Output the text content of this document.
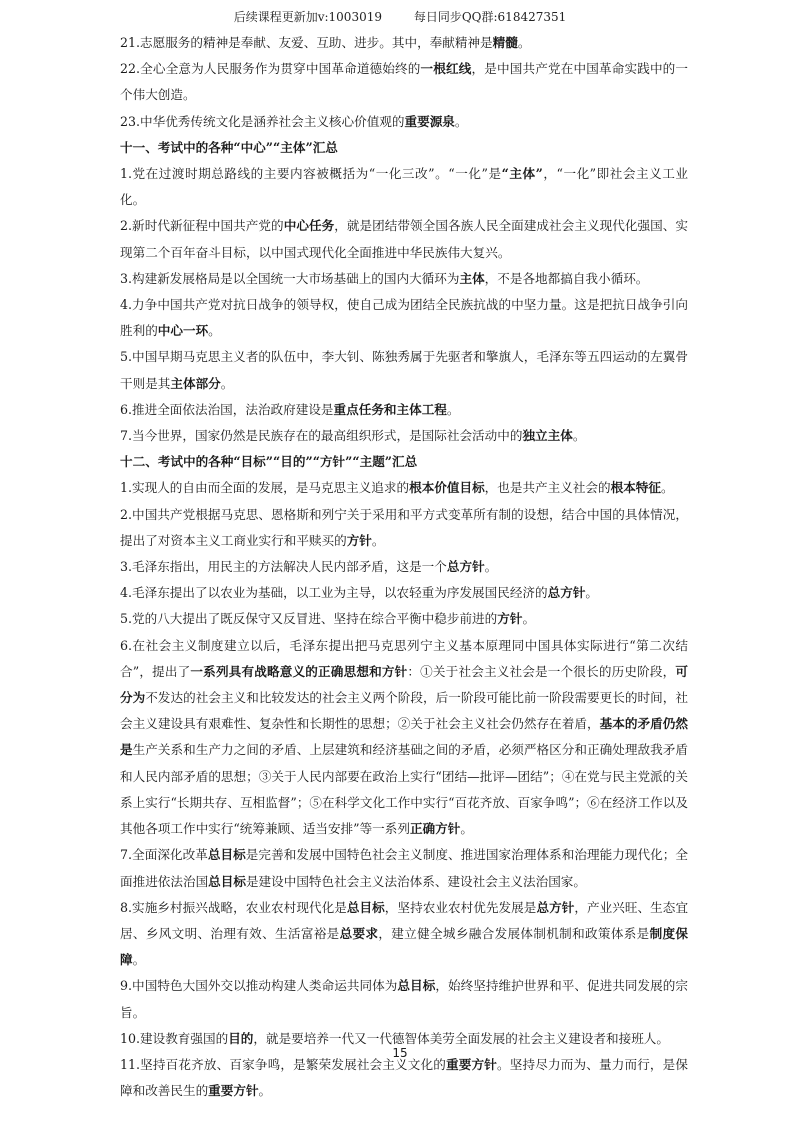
后续课程更新加v:1003019	每日同步QQ群:618427351

21.志愿服务的精神是奉献、友爱、互助、进步。其中，奉献精神是精髓。

22.全心全意为人民服务作为贯穿中国革命道德始终的一根红线，是中国共产党在中国革命实践中的一个伟大创造。

23.中华优秀传统文化是涵养社会主义核心价值观的重要源泉。

十一、考试中的各种“中心”“主体”汇总

1.党在过渡时期总路线的主要内容被概括为“一化三改”。“一化”是“主体”，“一化”即社会主义工业化。

2.新时代新征程中国共产党的中心任务，就是团结带领全国各族人民全面建成社会主义现代化强国、实现第二个百年奋斗目标，以中国式现代化全面推进中华民族伟大复兴。

3.构建新发展格局是以全国统一大市场基础上的国内大循环为主体，不是各地都搞自我小循环。

4.力争中国共产党对抗日战争的领导权，使自己成为团结全民族抗战的中坚力量。这是把抗日战争引向胜利的中心一环。

5.中国早期马克思主义者的队伍中，李大钊、陈独秀属于先驱者和擎旗人，毛泽东等五四运动的左翼骨干则是其主体部分。

6.推进全面依法治国，法治政府建设是重点任务和主体工程。

7.当今世界，国家仍然是民族存在的最高组织形式，是国际社会活动中的独立主体。

十二、考试中的各种“目标”“目的”“方针”“主题”汇总

1.实现人的自由而全面的发展，是马克思主义追求的根本价值目标，也是共产主义社会的根本特征。

2.中国共产党根据马克思、恩格斯和列宁关于采用和平方式变革所有制的设想，结合中国的具体情况，提出了对资本主义工商业实行和平赎买的方针。

3.毛泽东指出，用民主的方法解决人民内部矛盾，这是一个总方针。

4.毛泽东提出了以农业为基础，以工业为主导，以农轻重为序发展国民经济的总方针。

5.党的八大提出了既反保守又反冒进、坚持在综合平衡中稳步前进的方针。

6.在社会主义制度建立以后，毛泽东提出把马克思列宁主义基本原理同中国具体实际进行“第二次结合”，提出了一系列具有战略意义的正确思想和方针：①关于社会主义社会是一个很长的历史阶段，可分为不发达的社会主义和比较发达的社会主义两个阶段，后一阶段可能比前一阶段需要更长的时间，社会主义建设具有艰难性、复杂性和长期性的思想；②关于社会主义社会仍然存在着盾，基本的矛盾仍然是生产关系和生产力之间的矛盾、上层建筑和经济基础之间的矛盾，必须严格区分和正确处理敌我矛盾和人民内部矛盾的思想；③关于人民内部要在政治上实行“团结—批评—团结”；④在党与民主党派的关系上实行“长期共存、互相监督”；⑤在科学文化工作中实行“百花齐放、百家争鸣”；⑥在经济工作以及其他各项工作中实行“统筹兼顾、适当安排”等一系列正确方针。

7.全面深化改革总目标是完善和发展中国特色社会主义制度、推进国家治理体系和治理能力现代化；全面推进依法治国总目标是建设中国特色社会主义法治体系、建设社会主义法治国家。

8.实施乡村振兴战略，农业农村现代化是总目标，坚持农业农村优先发展是总方针，产业兴旺、生态宜居、乡风文明、治理有效、生活富裕是总要求，建立健全城乡融合发展体制机制和政策体系是制度保障。

9.中国特色大国外交以推动构建人类命运共同体为总目标，始终坚持维护世界和平、促进共同发展的宗旨。

10.建设教育强国的目的，就是要培养一代又一代德智体美劳全面发展的社会主义建设者和接班人。

11.坚持百花齐放、百家争鸣，是繁荣发展社会主义文化的重要方针。坚持尽力而为、量力而行，是保障和改善民生的重要方针。

15
